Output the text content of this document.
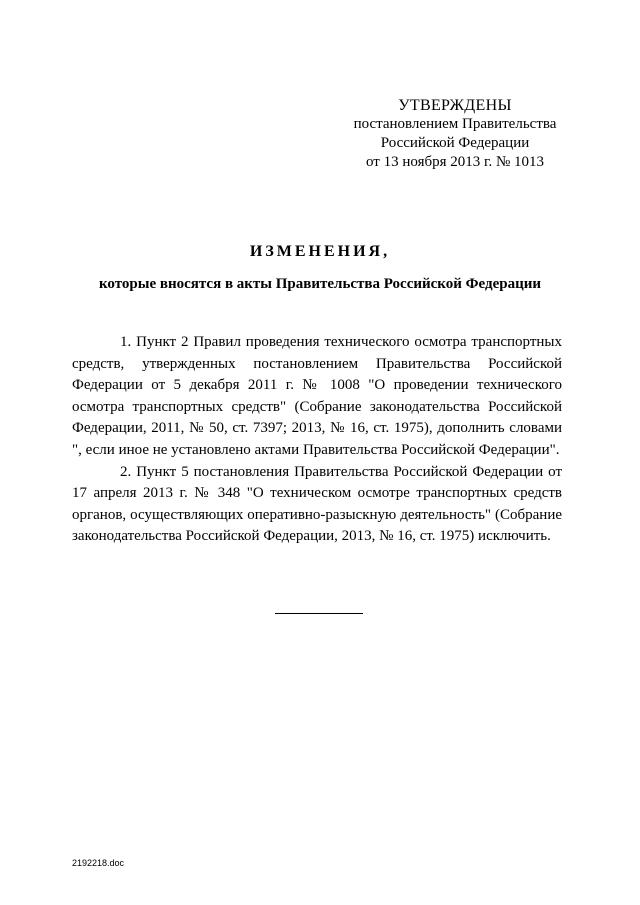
УТВЕРЖДЕНЫ
постановлением Правительства
Российской Федерации
от 13 ноября 2013 г. № 1013
ИЗМЕНЕНИЯ,
которые вносятся в акты Правительства Российской Федерации

1. Пункт 2 Правил проведения технического осмотра транспортных средств, утвержденных постановлением Правительства Российской Федерации от 5 декабря 2011 г. № 1008 "О проведении технического осмотра транспортных средств" (Собрание законодательства Российской Федерации, 2011, № 50, ст. 7397; 2013, № 16, ст. 1975), дополнить словами ", если иное не установлено актами Правительства Российской Федерации".

2. Пункт 5 постановления Правительства Российской Федерации от 17 апреля 2013 г. № 348 "О техническом осмотре транспортных средств органов, осуществляющих оперативно-разыскную деятельность" (Собрание законодательства Российской Федерации, 2013, № 16, ст. 1975) исключить.

2192218.doc
